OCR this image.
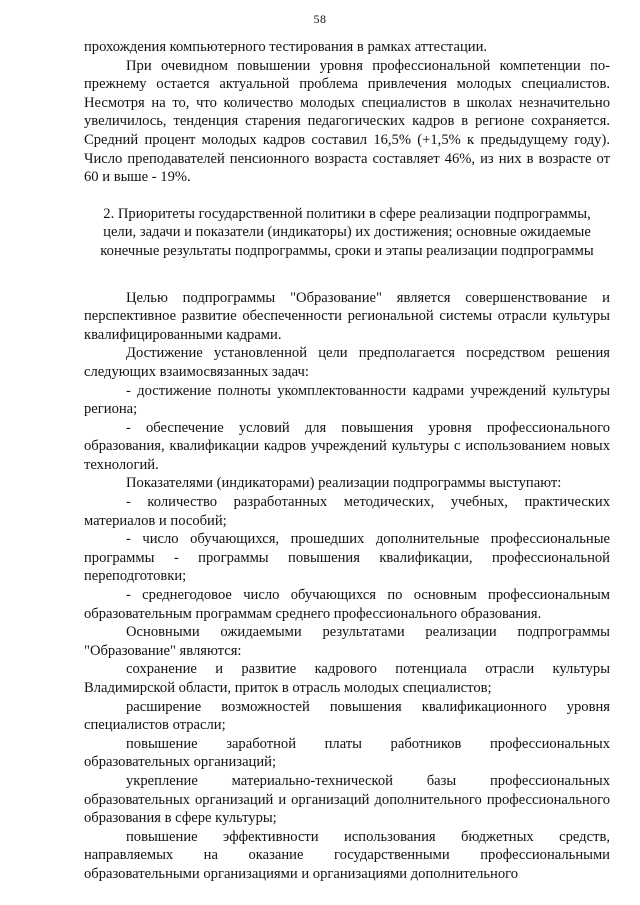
58

прохождения компьютерного тестирования в рамках аттестации.

При очевидном повышении уровня профессиональной компетенции по-прежнему остается актуальной проблема привлечения молодых специалистов. Несмотря на то, что количество молодых специалистов в школах незначительно увеличилось, тенденция старения педагогических кадров в регионе сохраняется. Средний процент молодых кадров составил 16,5% (+1,5% к предыдущему году). Число преподавателей пенсионного возраста составляет 46%, из них в возрасте от 60 и выше - 19%.

2. Приоритеты государственной политики в сфере реализации подпрограммы, цели, задачи и показатели (индикаторы) их достижения; основные ожидаемые конечные результаты подпрограммы, сроки и этапы реализации подпрограммы

Целью подпрограммы "Образование" является совершенствование и перспективное развитие обеспеченности региональной системы отрасли культуры квалифицированными кадрами.

Достижение установленной цели предполагается посредством решения следующих взаимосвязанных задач:

- достижение полноты укомплектованности кадрами учреждений культуры региона;

- обеспечение условий для повышения уровня профессионального образования, квалификации кадров учреждений культуры с использованием новых технологий.

Показателями (индикаторами) реализации подпрограммы выступают:

- количество разработанных методических, учебных, практических материалов и пособий;

- число обучающихся, прошедших дополнительные профессиональные программы - программы повышения квалификации, профессиональной переподготовки;

- среднегодовое число обучающихся по основным профессиональным образовательным программам среднего профессионального образования.

Основными ожидаемыми результатами реализации подпрограммы "Образование" являются:

сохранение и развитие кадрового потенциала отрасли культуры Владимирской области, приток в отрасль молодых специалистов;

расширение возможностей повышения квалификационного уровня специалистов отрасли;

повышение заработной платы работников профессиональных образовательных организаций;

укрепление материально-технической базы профессиональных образовательных организаций и организаций дополнительного профессионального образования в сфере культуры;

повышение эффективности использования бюджетных средств, направляемых на оказание государственными профессиональными образовательными организациями и организациями дополнительного
